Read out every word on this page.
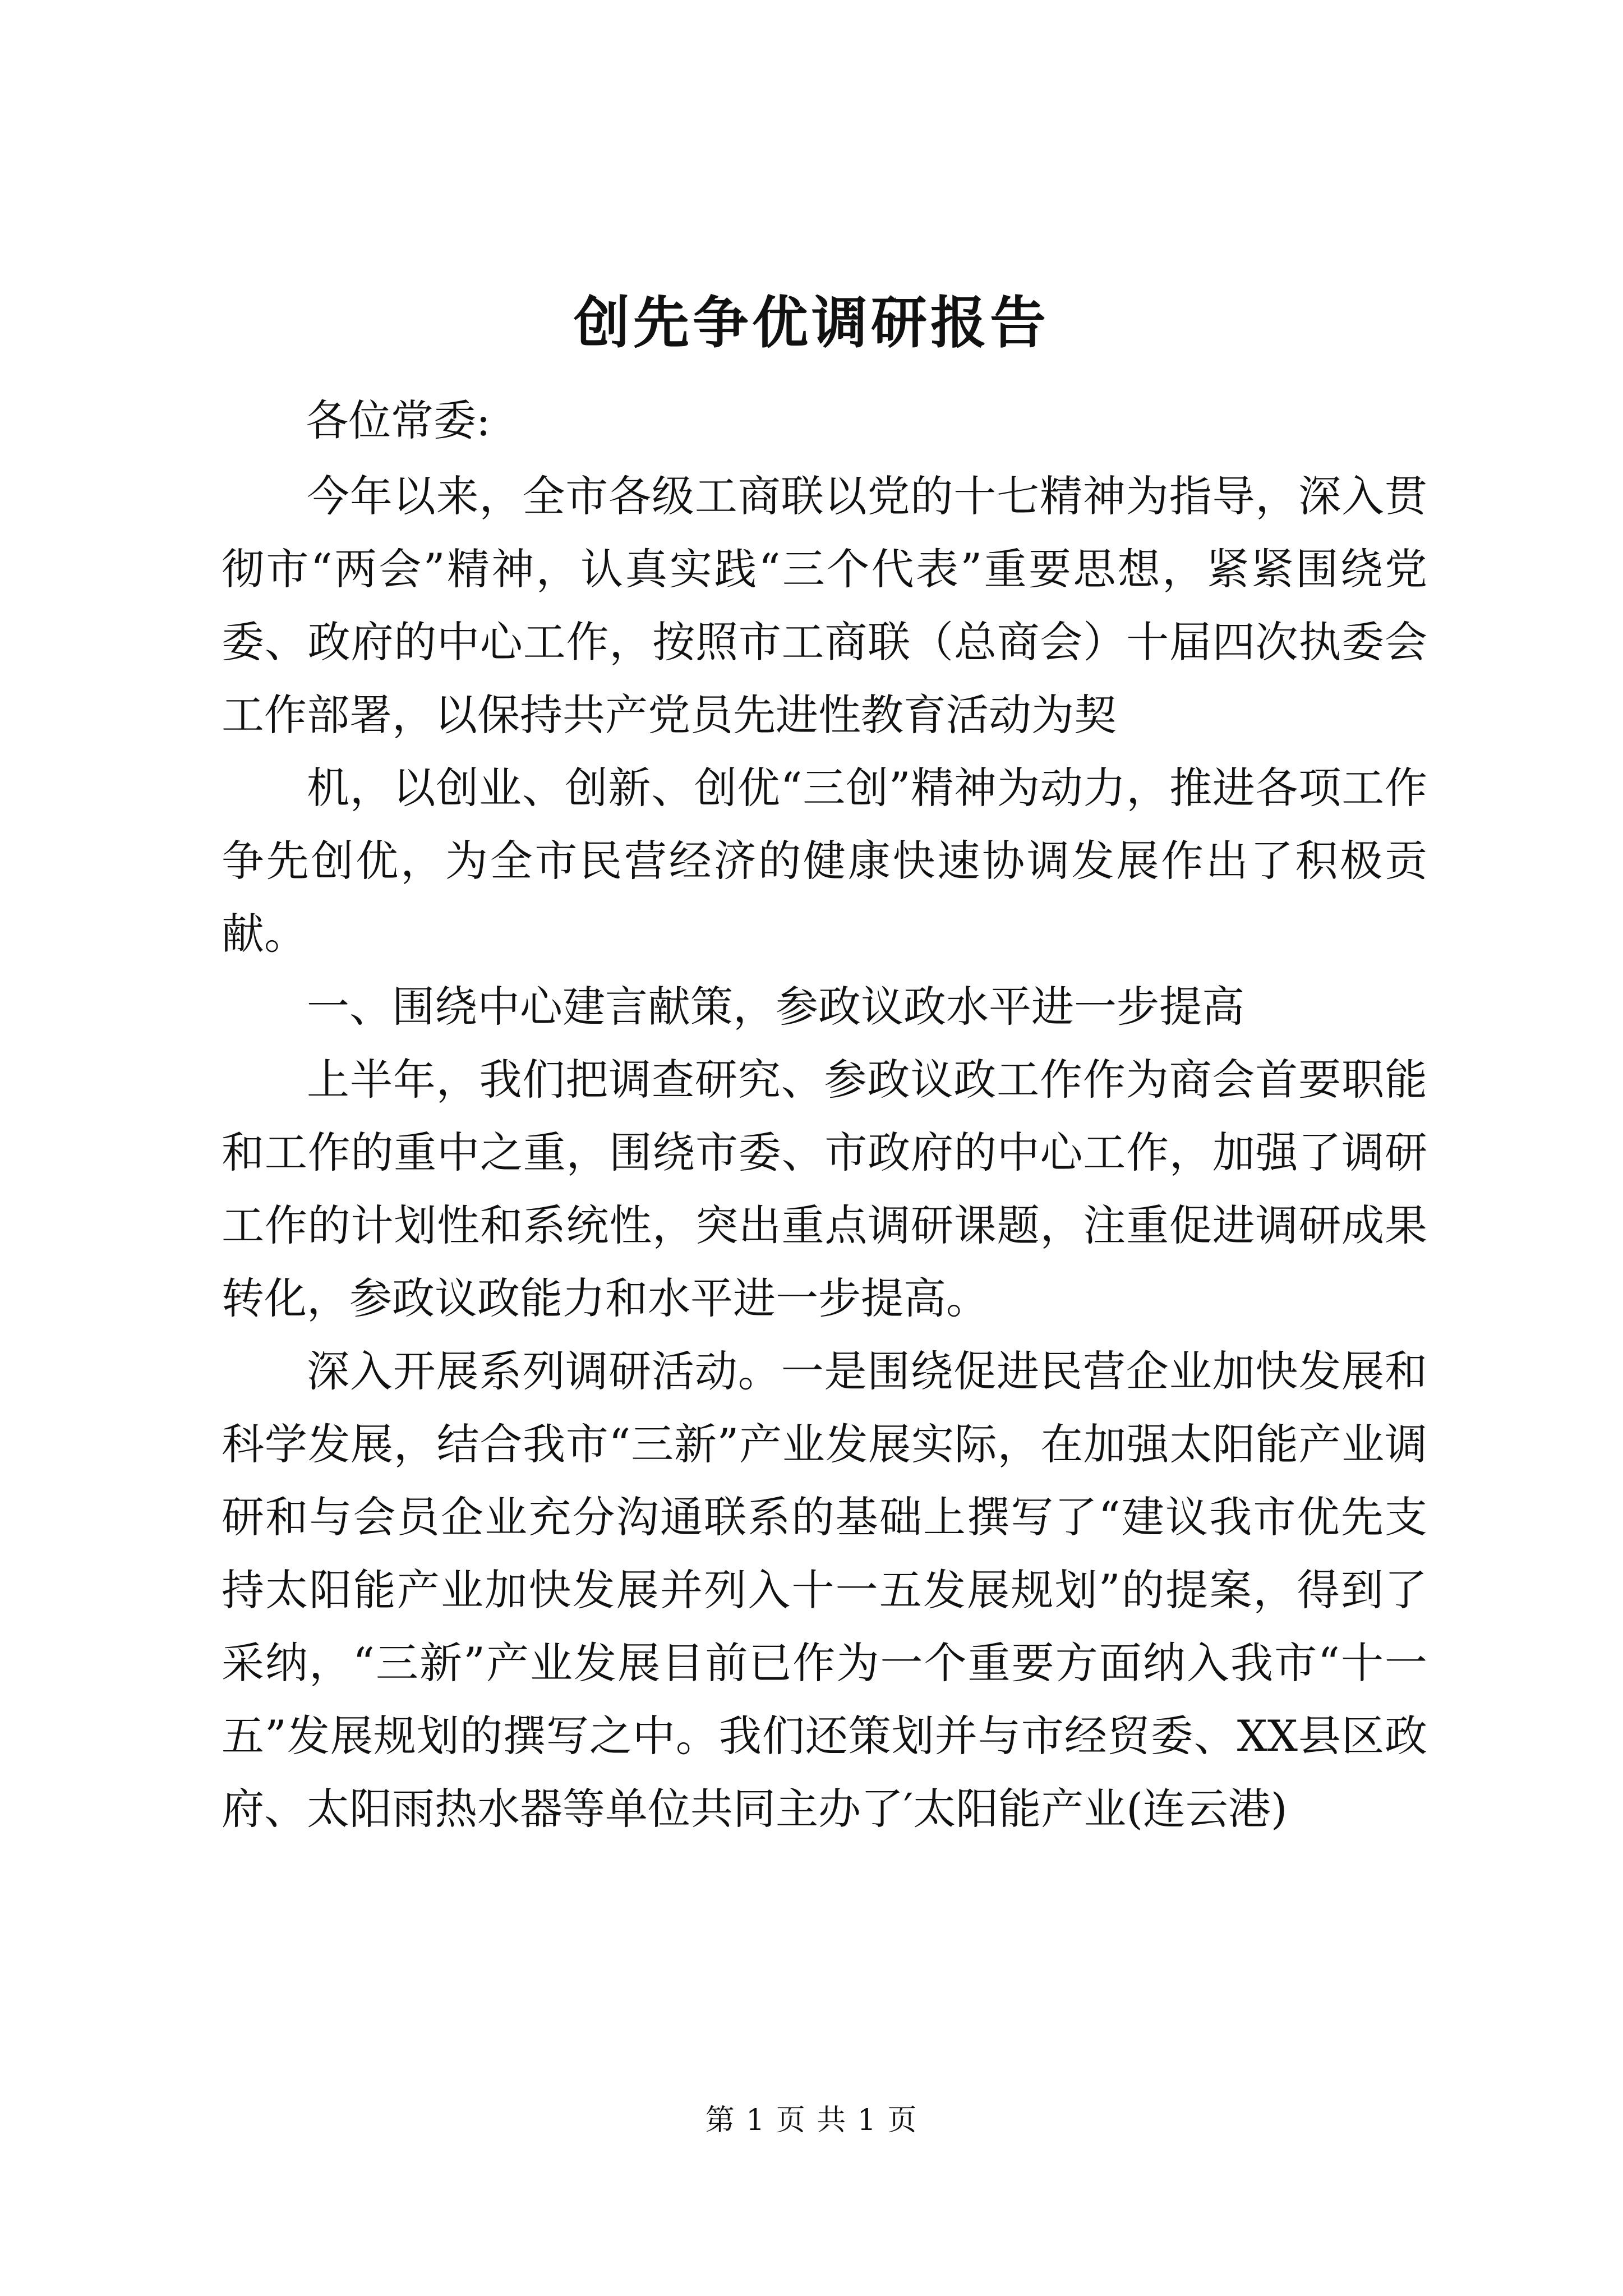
创先争优调研报告
各位常委:

今年以来，全市各级工商联以党的十七精神为指导，深入贯彻市“两会”精神，认真实践“三个代表”重要思想，紧紧围绕党委、政府的中心工作，按照市工商联（总商会）十届四次执委会工作部署，以保持共产党员先进性教育活动为契

机，以创业、创新、创优“三创”精神为动力，推进各项工作争先创优，为全市民营经济的健康快速协调发展作出了积极贡献。

一、围绕中心建言献策，参政议政水平进一步提高

上半年，我们把调查研究、参政议政工作作为商会首要职能和工作的重中之重，围绕市委、市政府的中心工作，加强了调研工作的计划性和系统性，突出重点调研课题，注重促进调研成果转化，参政议政能力和水平进一步提高。

深入开展系列调研活动。一是围绕促进民营企业加快发展和科学发展，结合我市“三新”产业发展实际，在加强太阳能产业调研和与会员企业充分沟通联系的基础上撰写了“建议我市优先支持太阳能产业加快发展并列入十一五发展规划”的提案，得到了采纳，“三新”产业发展目前已作为一个重要方面纳入我市“十一五”发展规划的撰写之中。我们还策划并与市经贸委、XX县区政府、太阳雨热水器等单位共同主办了′太阳能产业(连云港)

第 1 页 共 1 页
